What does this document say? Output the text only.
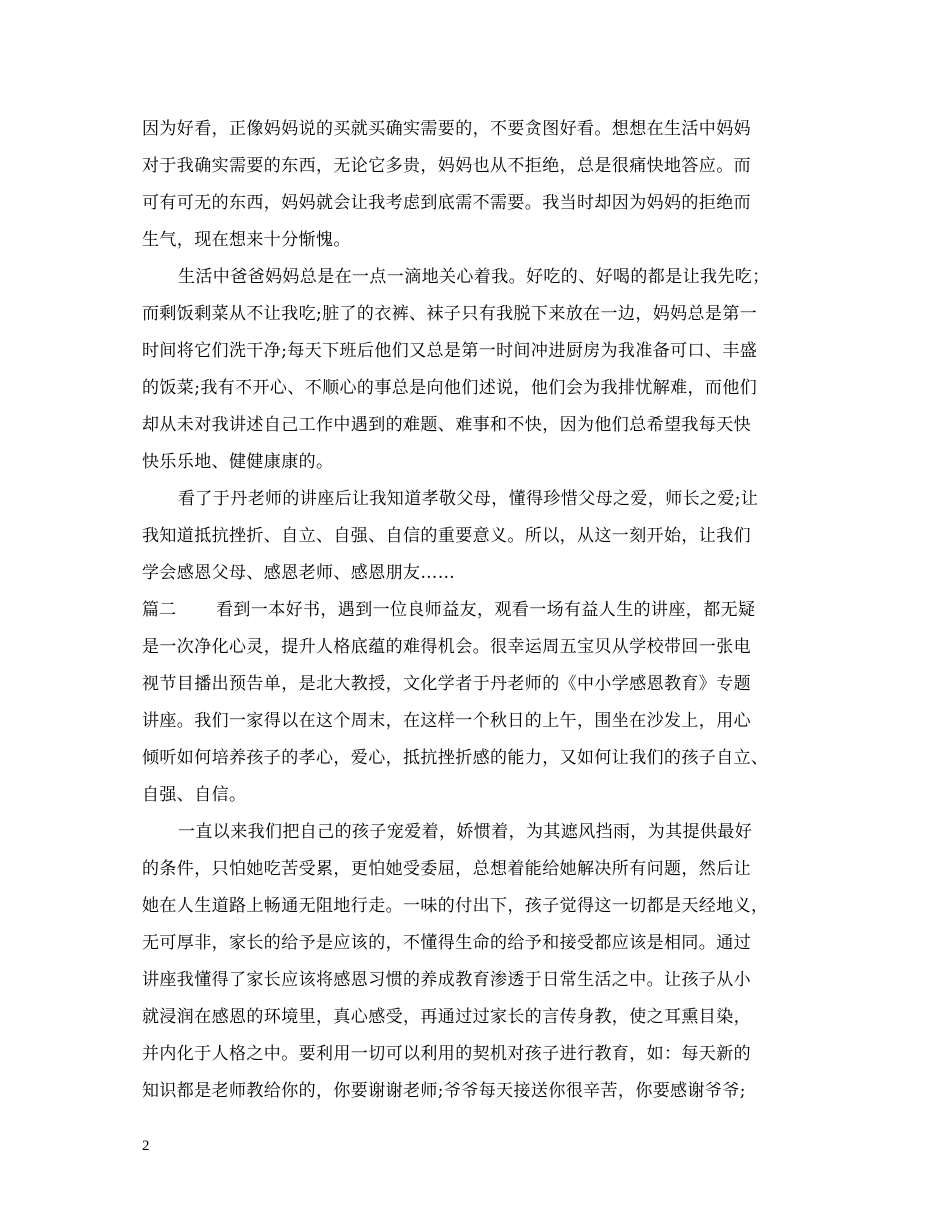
因为好看，正像妈妈说的买就买确实需要的，不要贪图好看。想想在生活中妈妈
对于我确实需要的东西，无论它多贵，妈妈也从不拒绝，总是很痛快地答应。而
可有可无的东西，妈妈就会让我考虑到底需不需要。我当时却因为妈妈的拒绝而
生气，现在想来十分惭愧。
生活中爸爸妈妈总是在一点一滴地关心着我。好吃的、好喝的都是让我先吃；
而剩饭剩菜从不让我吃;脏了的衣裤、袜子只有我脱下来放在一边，妈妈总是第一
时间将它们洗干净;每天下班后他们又总是第一时间冲进厨房为我准备可口、丰盛
的饭菜;我有不开心、不顺心的事总是向他们述说，他们会为我排忧解难，而他们
却从未对我讲述自己工作中遇到的难题、难事和不快，因为他们总希望我每天快
快乐乐地、健健康康的。
看了于丹老师的讲座后让我知道孝敬父母，懂得珍惜父母之爱，师长之爱;让
我知道抵抗挫折、自立、自强、自信的重要意义。所以，从这一刻开始，让我们
学会感恩父母、感恩老师、感恩朋友……
篇二 看到一本好书，遇到一位良师益友，观看一场有益人生的讲座，都无疑
是一次净化心灵，提升人格底蕴的难得机会。很幸运周五宝贝从学校带回一张电
视节目播出预告单，是北大教授，文化学者于丹老师的《中小学感恩教育》专题
讲座。我们一家得以在这个周末，在这样一个秋日的上午，围坐在沙发上，用心
倾听如何培养孩子的孝心，爱心，抵抗挫折感的能力，又如何让我们的孩子自立、
自强、自信。
一直以来我们把自己的孩子宠爱着，娇惯着，为其遮风挡雨，为其提供最好
的条件，只怕她吃苦受累，更怕她受委屈，总想着能给她解决所有问题，然后让
她在人生道路上畅通无阻地行走。一味的付出下，孩子觉得这一切都是天经地义，
无可厚非，家长的给予是应该的，不懂得生命的给予和接受都应该是相同。通过
讲座我懂得了家长应该将感恩习惯的养成教育渗透于日常生活之中。让孩子从小
就浸润在感恩的环境里，真心感受，再通过过家长的言传身教，使之耳熏目染，
并内化于人格之中。要利用一切可以利用的契机对孩子进行教育，如：每天新的
知识都是老师教给你的，你要谢谢老师;爷爷每天接送你很辛苦，你要感谢爷爷;
2
